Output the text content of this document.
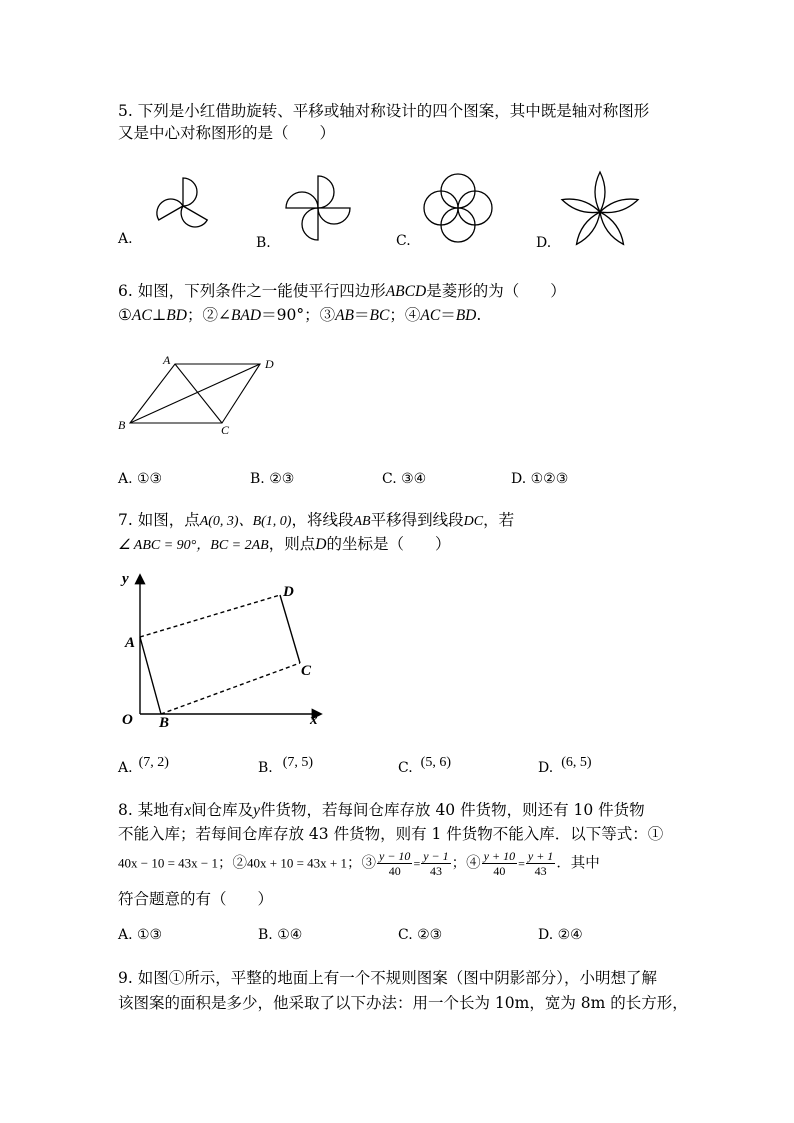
5. 下列是小红借助旋转、平移或轴对称设计的四个图案，其中既是轴对称图形
又是中心对称图形的是（　　）
A.	B.	C.	D.
6. 如图，下列条件之一能使平行四边形ABCD是菱形的为（　　）
①AC⊥BD；②∠BAD＝90°；③AB＝BC；④AC＝BD.
A	D
B	C
A. ①③	B. ②③	C. ③④	D. ①②③
7. 如图，点A(0, 3)、B(1, 0)，将线段AB平移得到线段DC，若
∠ ABC = 90°，BC = 2AB，则点D的坐标是（　　）
y
x
O
A
B
C
D
A. (7, 2)	B. (7, 5)	C. (5, 6)	D. (6, 5)
8. 某地有x间仓库及y件货物，若每间仓库存放 40 件货物，则还有 10 件货物
不能入库；若每间仓库存放 43 件货物，则有 1 件货物不能入库．以下等式：①
40x − 10 = 43x − 1；②40x + 10 = 43x + 1；③ $\frac{y - 10}{40} = \frac{y - 1}{43}$ ；④ $\frac{y + 10}{40} = \frac{y + 1}{43}$ ．其中
符合题意的有（　　）
A. ①③	B. ①④	C. ②③	D. ②④
9. 如图①所示，平整的地面上有一个不规则图案（图中阴影部分），小明想了解
该图案的面积是多少，他采取了以下办法：用一个长为 10m，宽为 8m 的长方形，
